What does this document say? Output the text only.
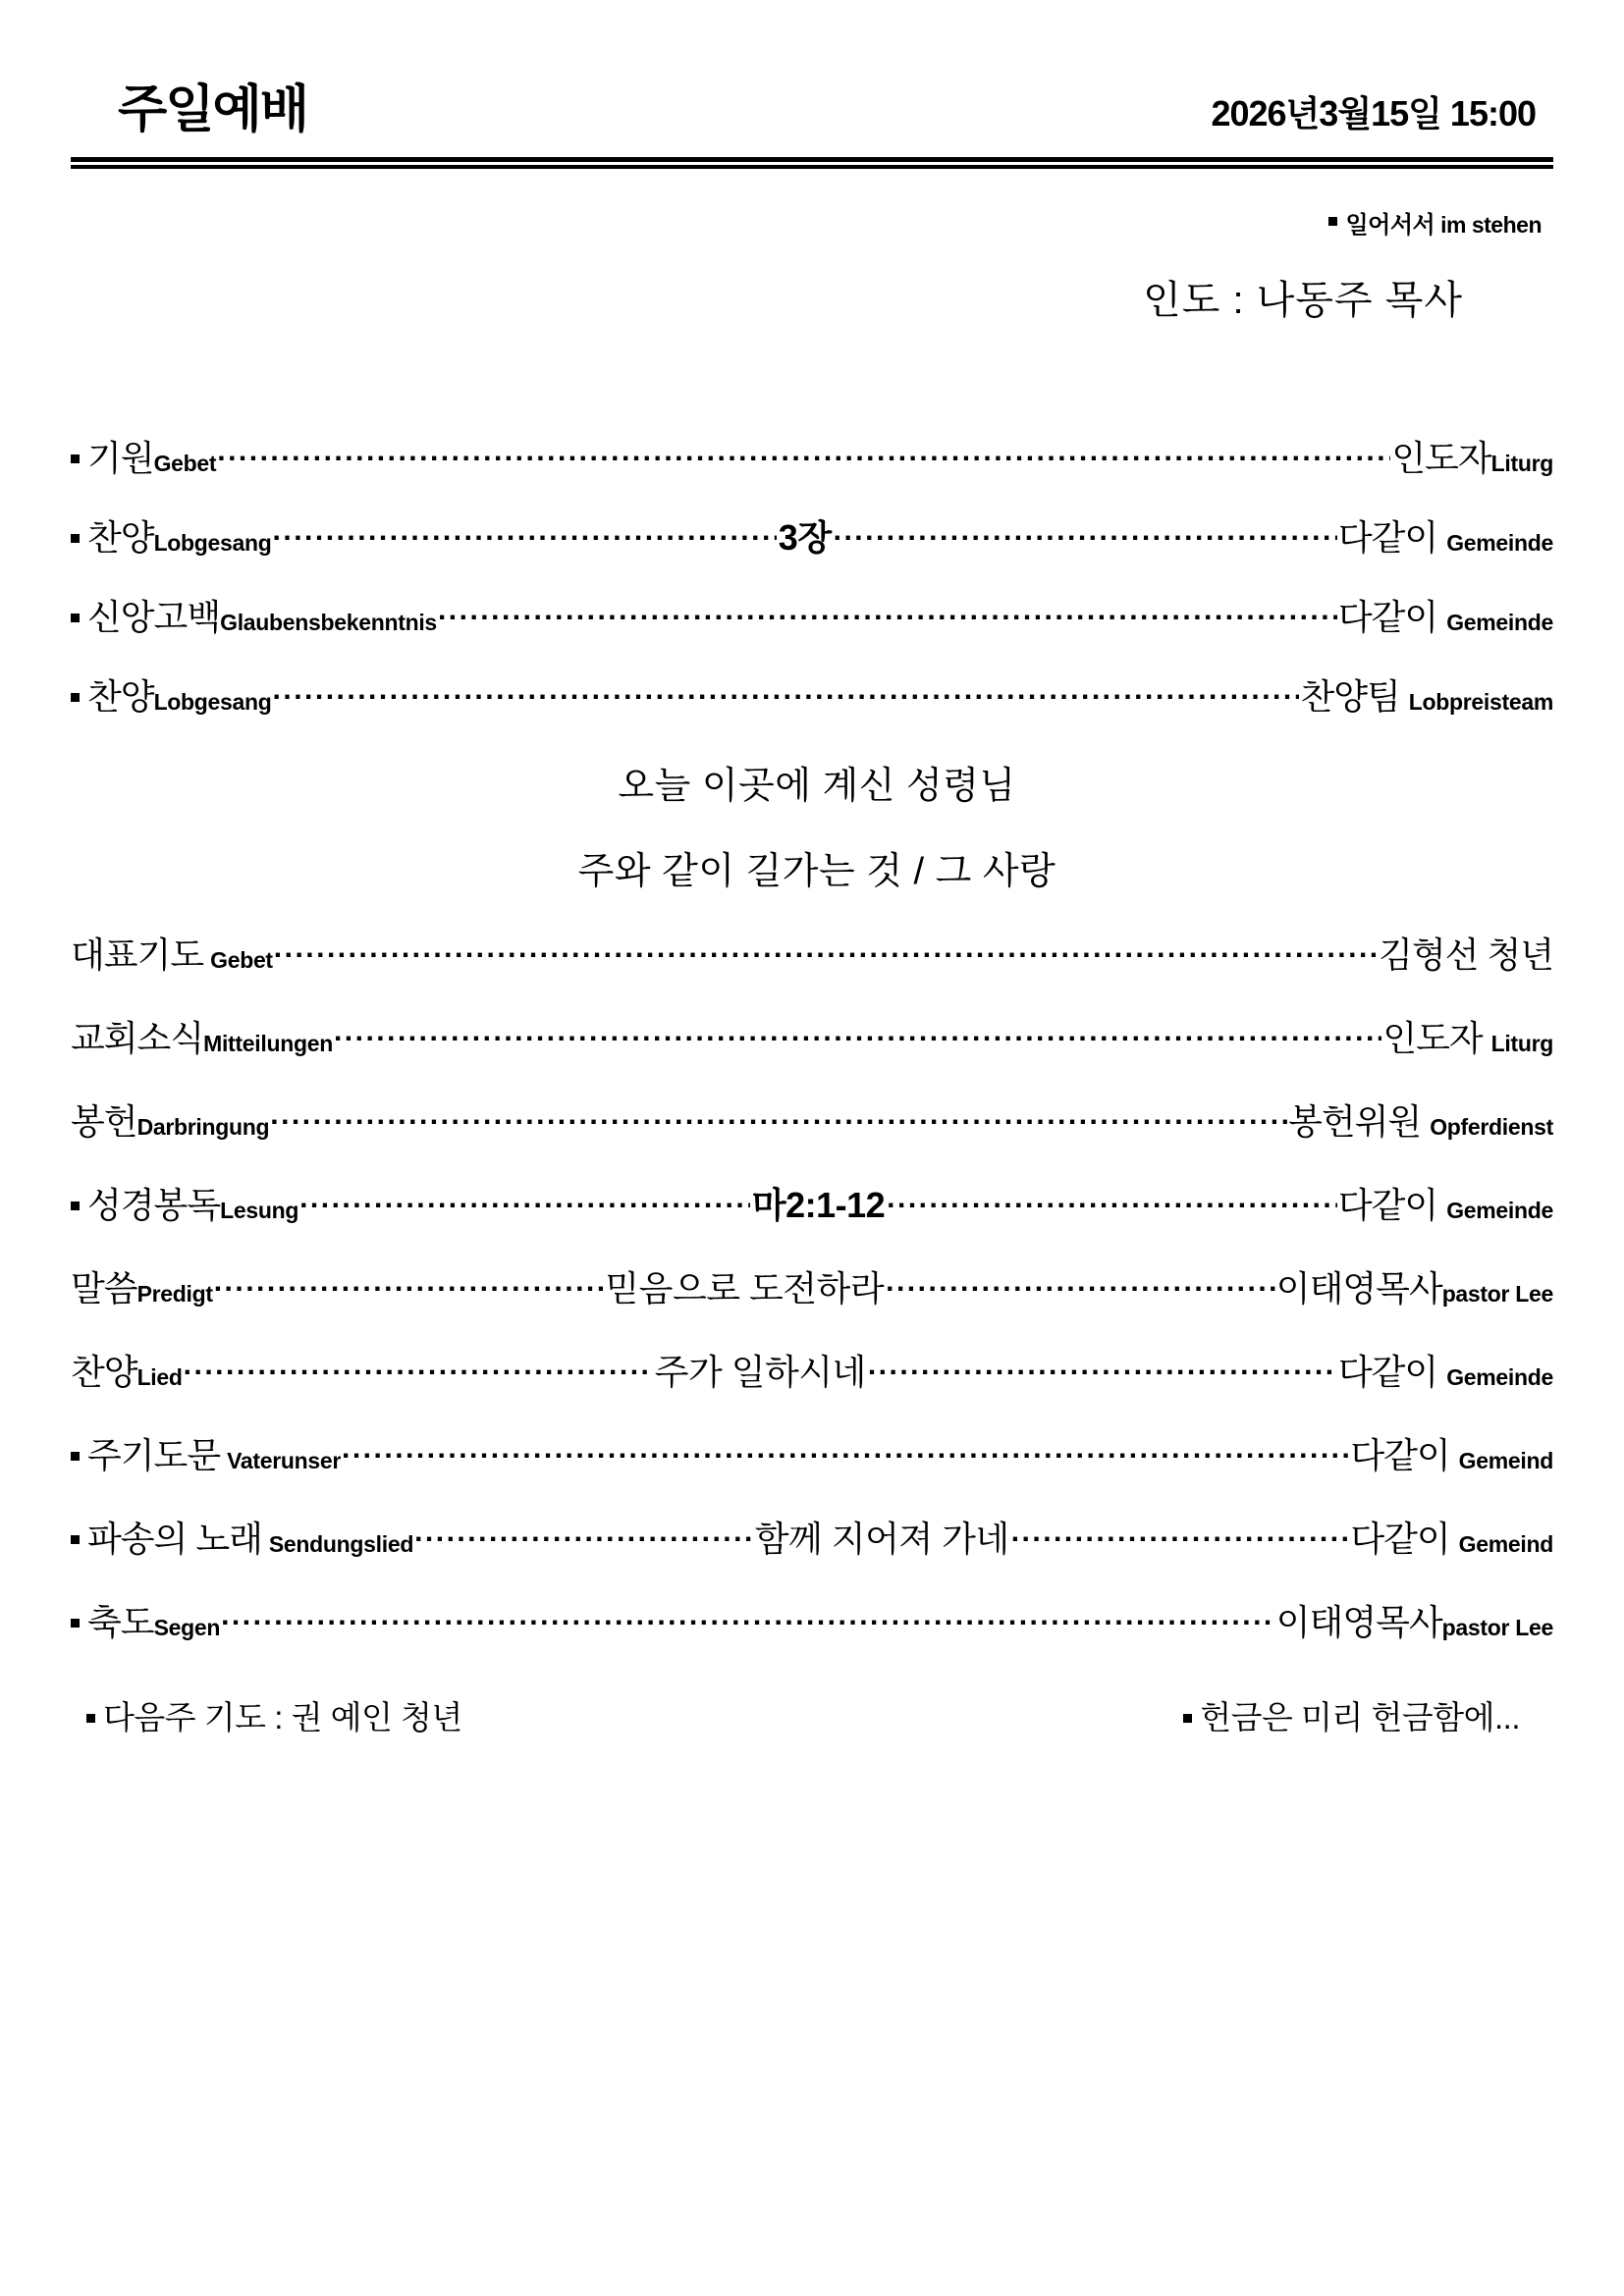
주일예배	2026년3월15일 15:00
일어서서 im stehen
인도 : 나동주 목사
기원 Gebet .....	인도자 Liturg
찬양 Lobgesang .....	3장 .....	다같이 Gemeinde
신앙고백 Glaubensbekenntnis .....	다같이 Gemeinde
찬양 Lobgesang .....	찬양팀 Lobpreisteam
오늘 이곳에 계신 성령님
주와 같이 길가는 것 / 그 사랑
대표기도 Gebet .....	김형선 청년
교회소식 Mitteilungen .....	인도자 Liturg
봉헌 Darbringung .....	봉헌위원 Opferdienst
성경봉독 Lesung .....	마2:1-12 .....	다같이 Gemeinde
말씀 Predigt .....	믿음으로 도전하라 .....	이태영목사 pastor Lee
찬양 Lied .....	주가 일하시네 .....	다같이 Gemeinde
주기도문 Vaterunser .....	다같이 Gemeind
파송의 노래 Sendungslied .....	함께 지어져 가네 .....	다같이 Gemeind
축도 Segen .....	이태영목사 pastor Lee
다음주 기도 : 권 예인 청년	헌금은 미리 헌금함에...
